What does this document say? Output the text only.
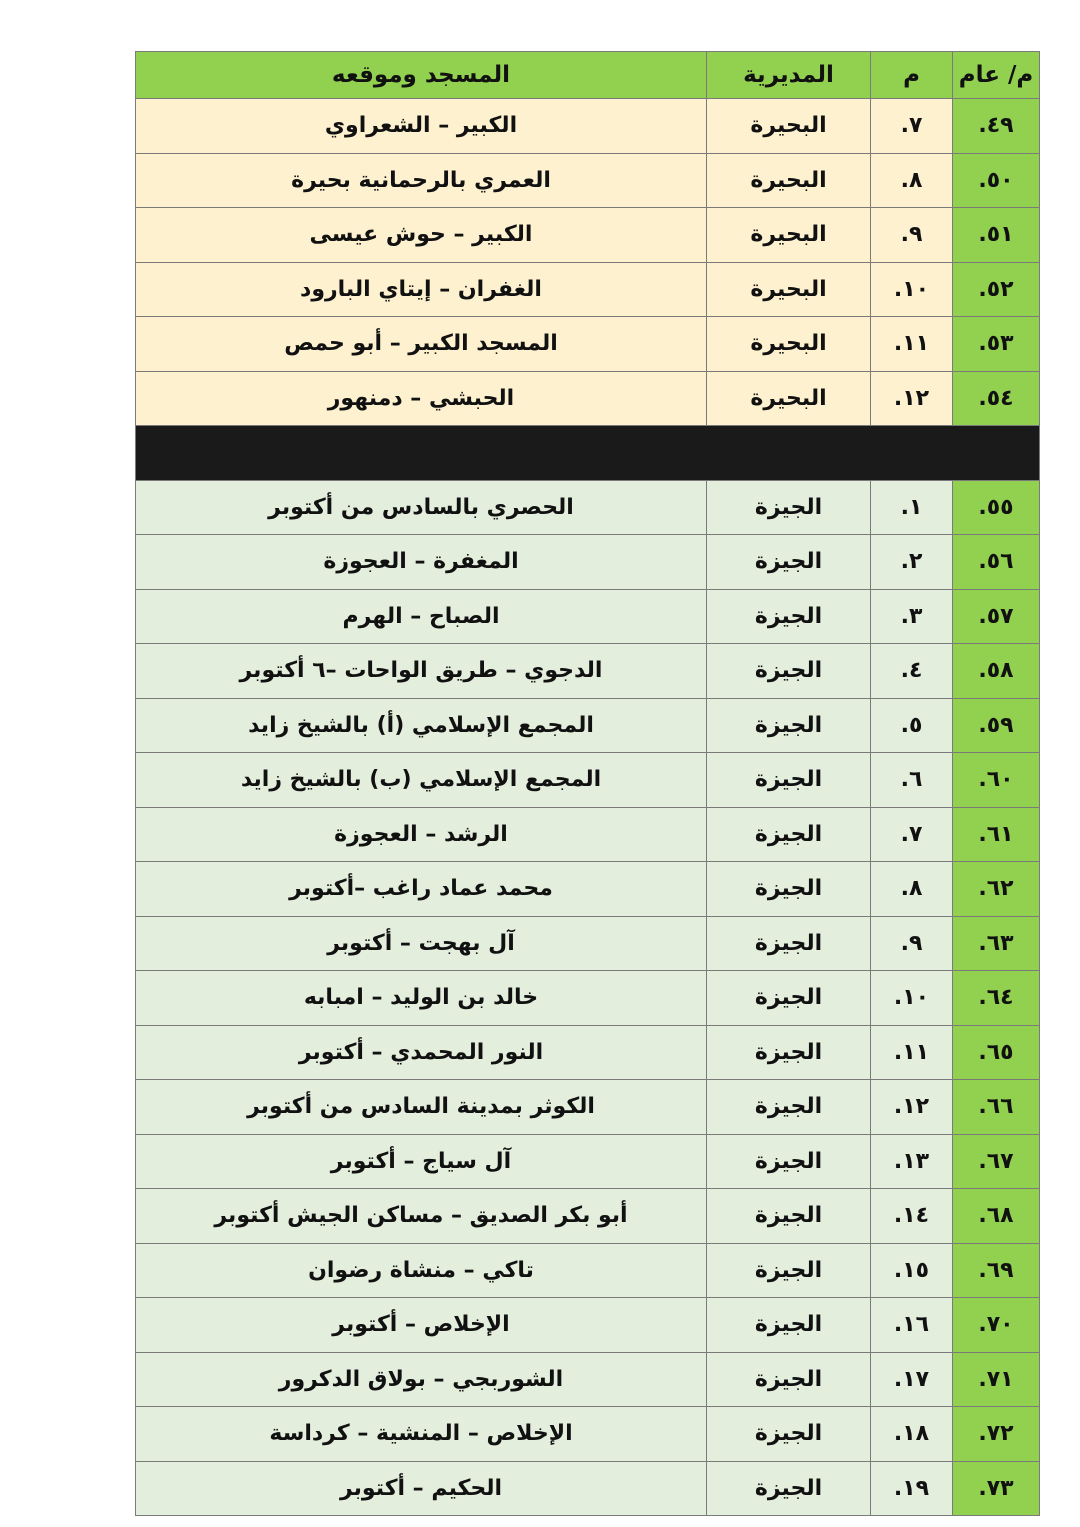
م/ عام	م	المديرية	المسجد وموقعه
٤٩.	٧.	البحيرة	الكبير – الشعراوي
٥٠.	٨.	البحيرة	العمري بالرحمانية بحيرة
٥١.	٩.	البحيرة	الكبير – حوش عيسى
٥٢.	١٠.	البحيرة	الغفران – إيتاي البارود
٥٣.	١١.	البحيرة	المسجد الكبير – أبو حمص
٥٤.	١٢.	البحيرة	الحبشي – دمنهور

٥٥.	١.	الجيزة	الحصري بالسادس من أكتوبر
٥٦.	٢.	الجيزة	المغفرة – العجوزة
٥٧.	٣.	الجيزة	الصباح – الهرم
٥٨.	٤.	الجيزة	الدجوي – طريق الواحات –٦ أكتوبر
٥٩.	٥.	الجيزة	المجمع الإسلامي (أ) بالشيخ زايد
٦٠.	٦.	الجيزة	المجمع الإسلامي (ب) بالشيخ زايد
٦١.	٧.	الجيزة	الرشد – العجوزة
٦٢.	٨.	الجيزة	محمد عماد راغب –أكتوبر
٦٣.	٩.	الجيزة	آل بهجت – أكتوبر
٦٤.	١٠.	الجيزة	خالد بن الوليد – امبابه
٦٥.	١١.	الجيزة	النور المحمدي – أكتوبر
٦٦.	١٢.	الجيزة	الكوثر بمدينة السادس من أكتوبر
٦٧.	١٣.	الجيزة	آل سياج – أكتوبر
٦٨.	١٤.	الجيزة	أبو بكر الصديق – مساكن الجيش أكتوبر
٦٩.	١٥.	الجيزة	تاكي – منشاة رضوان
٧٠.	١٦.	الجيزة	الإخلاص – أكتوبر
٧١.	١٧.	الجيزة	الشوربجي – بولاق الدكرور
٧٢.	١٨.	الجيزة	الإخلاص – المنشية – كرداسة
٧٣.	١٩.	الجيزة	الحكيم – أكتوبر
